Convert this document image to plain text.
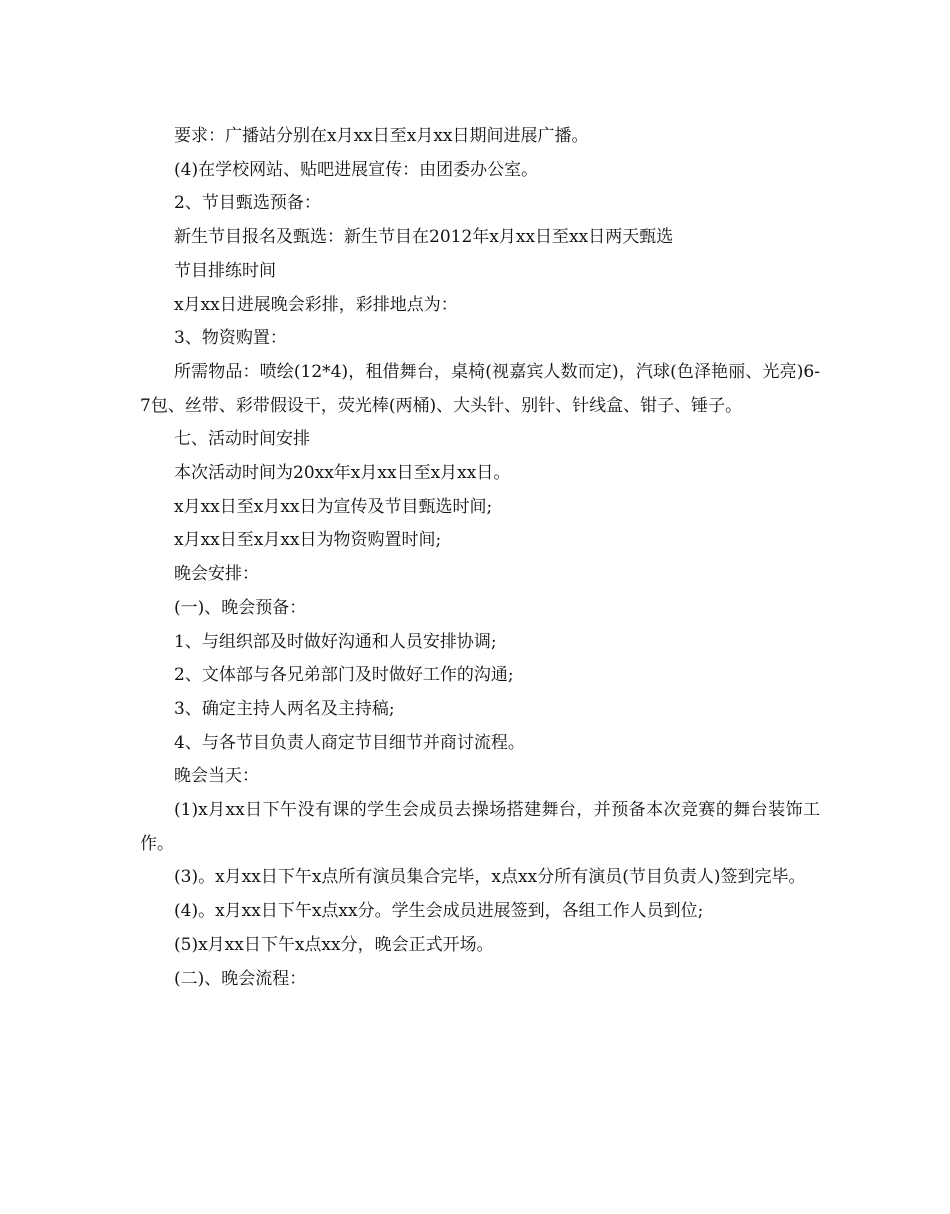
要求：广播站分别在x月xx日至x月xx日期间进展广播。

(4)在学校网站、贴吧进展宣传：由团委办公室。

2、节目甄选预备：

新生节目报名及甄选：新生节目在2012年x月xx日至xx日两天甄选

节目排练时间

x月xx日进展晚会彩排，彩排地点为：

3、物资购置：

所需物品：喷绘(12*4)，租借舞台，桌椅(视嘉宾人数而定)，汽球(色泽艳丽、光亮)6-7包、丝带、彩带假设干，荧光棒(两桶)、大头针、别针、针线盒、钳子、锤子。

七、活动时间安排

本次活动时间为20xx年x月xx日至x月xx日。

x月xx日至x月xx日为宣传及节目甄选时间;

x月xx日至x月xx日为物资购置时间;

晚会安排：

(一)、晚会预备：

1、与组织部及时做好沟通和人员安排协调;

2、文体部与各兄弟部门及时做好工作的沟通;

3、确定主持人两名及主持稿;

4、与各节目负责人商定节目细节并商讨流程。

晚会当天：

(1)x月xx日下午没有课的学生会成员去操场搭建舞台，并预备本次竞赛的舞台装饰工作。

(3)。x月xx日下午x点所有演员集合完毕，x点xx分所有演员(节目负责人)签到完毕。

(4)。x月xx日下午x点xx分。学生会成员进展签到，各组工作人员到位;

(5)x月xx日下午x点xx分，晚会正式开场。

(二)、晚会流程：
